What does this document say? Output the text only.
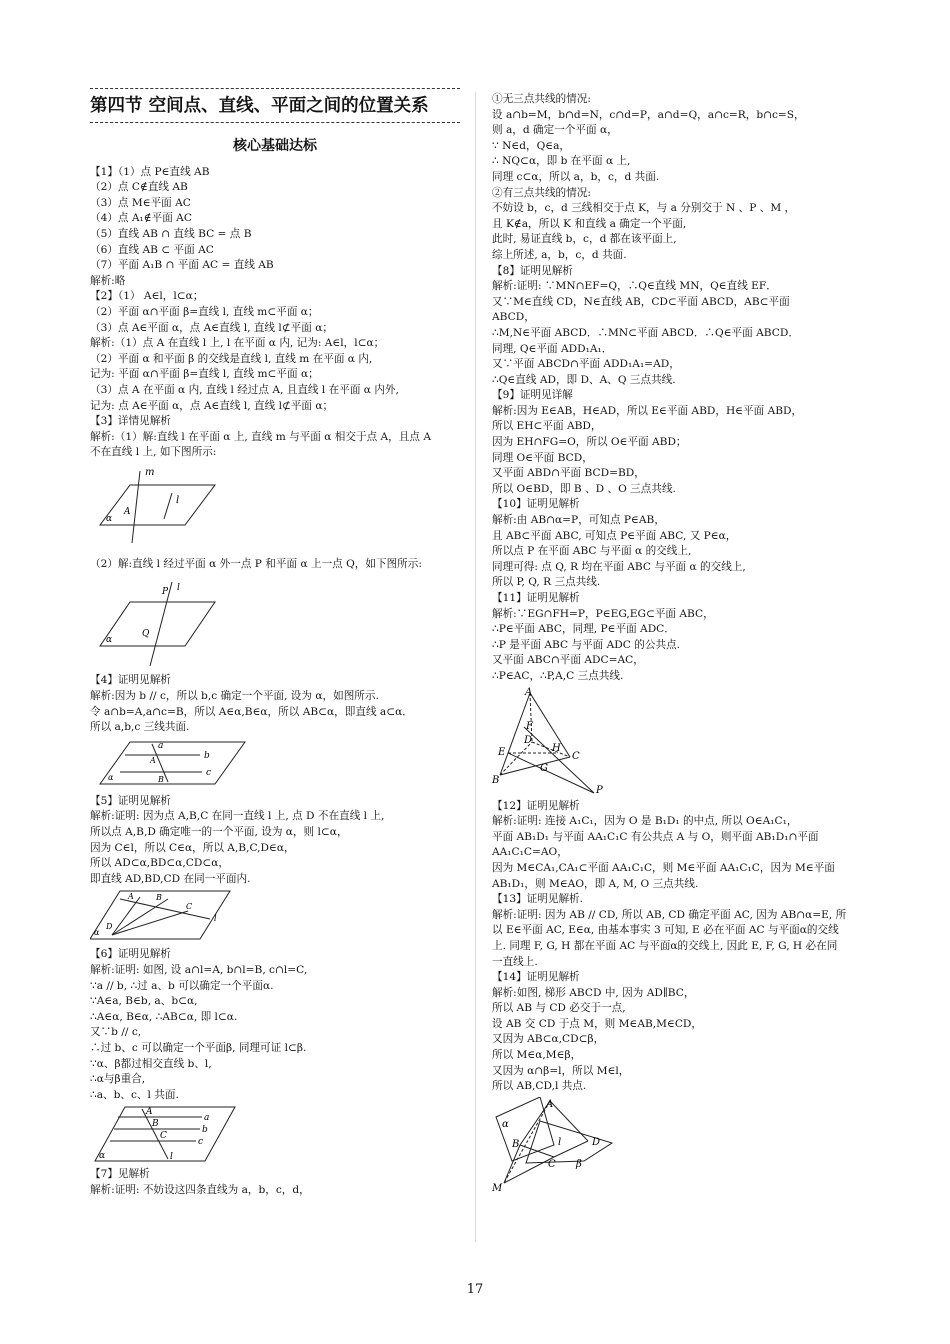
第四节 空间点、直线、平面之间的位置关系
核心基础达标
【1】（1）点 P∈直线 AB
（2）点 C∉直线 AB
（3）点 M∈平面 AC
（4）点 A₁∉平面 AC
（5）直线 AB ∩ 直线 BC = 点 B
（6）直线 AB ⊂ 平面 AC
（7）平面 A₁B ∩ 平面 AC = 直线 AB
解析:略
【2】（1） A∈l，l⊂α；
（2）平面 α∩平面 β=直线 l, 直线 m⊂平面 α；
（3）点 A∈平面 α，点 A∈直线 l, 直线 l⊄平面 α；
解析:（1）点 A 在直线 l 上, l 在平面 α 内, 记为: A∈l，l⊂α；
（2）平面 α 和平面 β 的交线是直线 l, 直线 m 在平面 α 内,
记为: 平面 α∩平面 β=直线 l, 直线 m⊂平面 α；
（3）点 A 在平面 α 内, 直线 l 经过点 A, 且直线 l 在平面 α 内外,
记为: 点 A∈平面 α，点 A∈直线 l, 直线 l⊄平面 α；
【3】详情见解析
解析:（1）解:直线 l 在平面 α 上, 直线 m 与平面 α 相交于点 A，且点 A
不在直线 l 上, 如下图所示:
m
l
A
α
（2）解:直线 l 经过平面 α 外一点 P 和平面 α 上一点 Q，如下图所示:
P l
Q
α
【4】证明见解析
解析:因为 b // c，所以 b,c 确定一个平面, 设为 α，如图所示.
令 a∩b=A,a∩c=B，所以 A∈α,B∈α，所以 AB⊂α，即直线 a⊂α．
所以 a,b,c 三线共面.
a
b
c
A
B
α
【5】证明见解析
解析:证明: 因为点 A,B,C 在同一直线 l 上, 点 D 不在直线 l 上,
所以点 A,B,D 确定唯一的一个平面, 设为 α，则 l⊂α，
因为 C∈l，所以 C∈α，所以 A,B,C,D∈α，
所以 AD⊂α,BD⊂α,CD⊂α，
即直线 AD,BD,CD 在同一平面内.
A	B
C
l
D
α
【6】证明见解析
解析:证明: 如图, 设 a∩l=A, b∩l=B, c∩l=C,
∵a // b, ∴过 a、b 可以确定一个平面α.
∵A∈a, B∈b, a、b⊂α,
∴A∈α, B∈α, ∴AB⊂α, 即 l⊂α.
又∵b // c,
∴过 b、c 可以确定一个平面β, 同理可证 l⊂β.
∵α、β都过相交直线 b、l,
∴α与β重合,
∴a、b、c、l 共面.
A
B
C
a
b
c
l
α
【7】见解析
解析:证明: 不妨设这四条直线为 a，b，c，d，
①无三点共线的情况:
设 a∩b=M，b∩d=N，c∩d=P，a∩d=Q，a∩c=R，b∩c=S，
则 a，d 确定一个平面 α，
∵ N∈d，Q∈a，
∴ NQ⊂α，即 b 在平面 α 上,
同理 c⊂α，所以 a，b，c，d 共面.
②有三点共线的情况:
不妨设 b，c，d 三线相交于点 K，与 a 分别交于 N 、P 、M ，
且 K∉a，所以 K 和直线 a 确定一个平面,
此时, 易证直线 b，c，d 都在该平面上,
综上所述, a，b，c，d 共面.
【8】证明见解析
解析:证明: ∵MN∩EF=Q，∴Q∈直线 MN，Q∈直线 EF．
又∵M∈直线 CD，N∈直线 AB，CD⊂平面 ABCD，AB⊂平面
ABCD，
∴M,N∈平面 ABCD．∴MN⊂平面 ABCD．∴Q∈平面 ABCD．
同理, Q∈平面 ADD₁A₁．
又∵平面 ABCD∩平面 ADD₁A₁=AD，
∴Q∈直线 AD，即 D、A、Q 三点共线.
【9】证明见详解
解析:因为 E∈AB，H∈AD，所以 E∈平面 ABD，H∈平面 ABD，
所以 EH⊂平面 ABD，
因为 EH∩FG=O，所以 O∈平面 ABD；
同理 O∈平面 BCD，
又平面 ABD∩平面 BCD=BD，
所以 O∈BD，即 B 、D 、O 三点共线.
【10】证明见解析
解析:由 AB∩α=P，可知点 P∈AB，
且 AB⊂平面 ABC, 可知点 P∈平面 ABC, 又 P∈α，
所以点 P 在平面 ABC 与平面 α 的交线上,
同理可得: 点 Q, R 均在平面 ABC 与平面 α 的交线上,
所以 P, Q, R 三点共线.
【11】证明见解析
解析:∵EG∩FH=P，P∈EG,EG⊂平面 ABC，
∴P∈平面 ABC，同理, P∈平面 ADC．
∴P 是平面 ABC 与平面 ADC 的公共点.
又平面 ABC∩平面 ADC=AC，
∴P∈AC，∴P,A,C 三点共线.
A
F
D
E	H
C
G
B
P
【12】证明见解析
解析:证明: 连接 A₁C₁，因为 O 是 B₁D₁ 的中点, 所以 O∈A₁C₁，
平面 AB₁D₁ 与平面 AA₁C₁C 有公共点 A 与 O，则平面 AB₁D₁∩平面
AA₁C₁C=AO，
因为 M∈CA₁,CA₁⊂平面 AA₁C₁C，则 M∈平面 AA₁C₁C，因为 M∈平面
AB₁D₁，则 M∈AO，即 A, M, O 三点共线.
【13】证明见解析.
解析:证明: 因为 AB // CD, 所以 AB, CD 确定平面 AC, 因为 AB∩α=E, 所
以 E∈平面 AC, E∈α, 由基本事实 3 可知, E 必在平面 AC 与平面α的交线
上. 同理 F, G, H 都在平面 AC 与平面α的交线上, 因此 E, F, G, H 必在同
一直线上.
【14】证明见解析
解析:如图, 梯形 ABCD 中, 因为 AD∥BC，
所以 AB 与 CD 必交于一点,
设 AB 交 CD 于点 M，则 M∈AB,M∈CD，
又因为 AB⊂α,CD⊂β，
所以 M∈α,M∈β，
又因为 α∩β=l，所以 M∈l，
所以 AB,CD,l 共点.
α
A
B	l	D
C β
M
17
